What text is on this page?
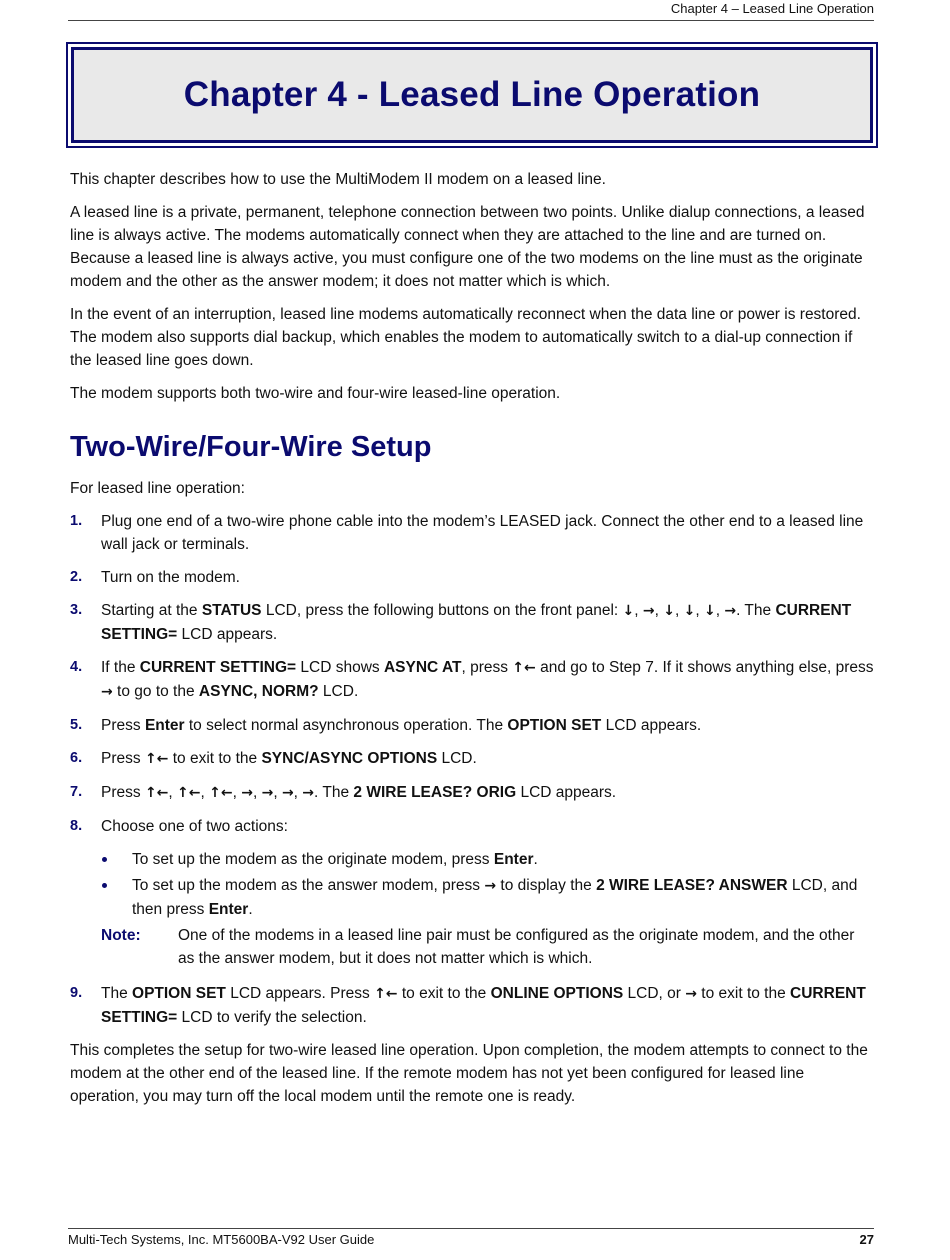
Chapter 4 – Leased Line Operation
Chapter 4 - Leased Line Operation

This chapter describes how to use the MultiModem II modem on a leased line.

A leased line is a private, permanent, telephone connection between two points. Unlike dialup connections, a leased line is always active. The modems automatically connect when they are attached to the line and are turned on. Because a leased line is always active, you must configure one of the two modems on the line must as the originate modem and the other as the answer modem; it does not matter which is which.

In the event of an interruption, leased line modems automatically reconnect when the data line or power is restored. The modem also supports dial backup, which enables the modem to automatically switch to a dial-up connection if the leased line goes down.

The modem supports both two-wire and four-wire leased-line operation.

Two-Wire/Four-Wire Setup

For leased line operation:

1. Plug one end of a two-wire phone cable into the modem’s LEASED jack. Connect the other end to a leased line wall jack or terminals.
2. Turn on the modem.
3. Starting at the STATUS LCD, press the following buttons on the front panel: ↓, →, ↓, ↓, ↓, →. The CURRENT SETTING= LCD appears.
4. If the CURRENT SETTING= LCD shows ASYNC AT, press ↑← and go to Step 7. If it shows anything else, press → to go to the ASYNC, NORM? LCD.
5. Press Enter to select normal asynchronous operation. The OPTION SET LCD appears.
6. Press ↑← to exit to the SYNC/ASYNC OPTIONS LCD.
7. Press ↑←, ↑←, ↑←, →, →, →, →. The 2 WIRE LEASE? ORIG LCD appears.
8. Choose one of two actions:
To set up the modem as the originate modem, press Enter.
To set up the modem as the answer modem, press → to display the 2 WIRE LEASE? ANSWER LCD, and then press Enter.
Note: One of the modems in a leased line pair must be configured as the originate modem, and the other as the answer modem, but it does not matter which is which.
9. The OPTION SET LCD appears. Press ↑← to exit to the ONLINE OPTIONS LCD, or → to exit to the CURRENT SETTING= LCD to verify the selection.

This completes the setup for two-wire leased line operation. Upon completion, the modem attempts to connect to the modem at the other end of the leased line. If the remote modem has not yet been configured for leased line operation, you may turn off the local modem until the remote one is ready.

Multi-Tech Systems, Inc. MT5600BA-V92 User Guide	27
